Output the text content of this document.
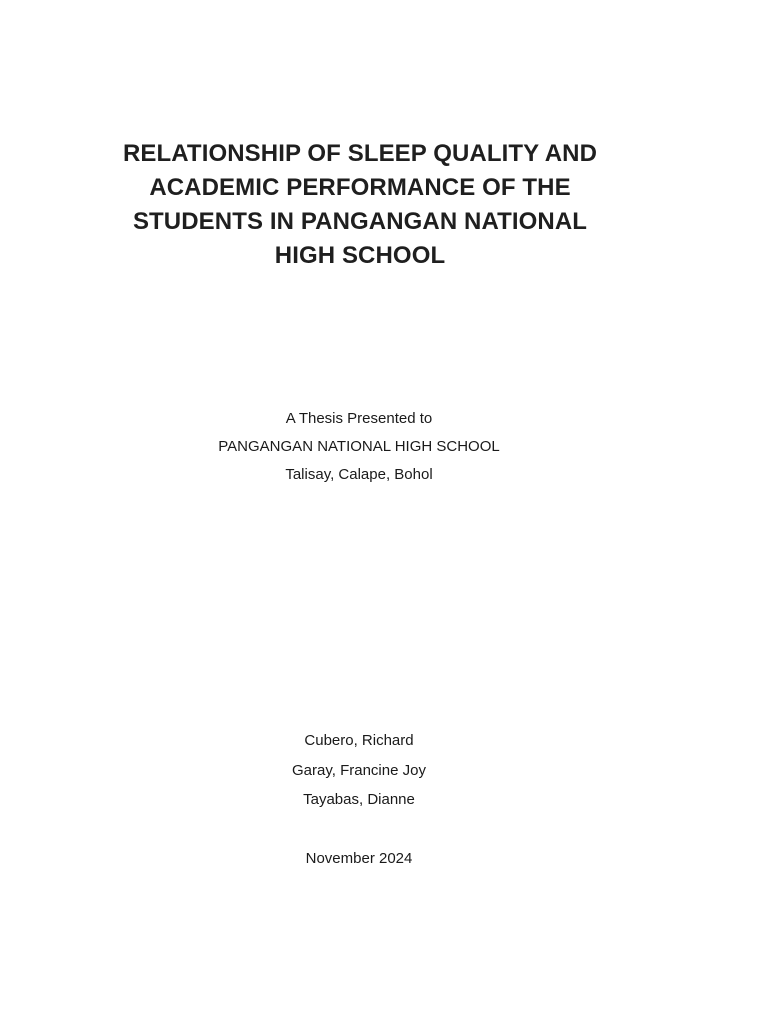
RELATIONSHIP OF SLEEP QUALITY AND
ACADEMIC PERFORMANCE OF THE
STUDENTS IN PANGANGAN NATIONAL
HIGH SCHOOL
A Thesis Presented to
PANGANGAN NATIONAL HIGH SCHOOL
Talisay, Calape, Bohol
Cubero, Richard
Garay, Francine Joy
Tayabas, Dianne
November 2024
